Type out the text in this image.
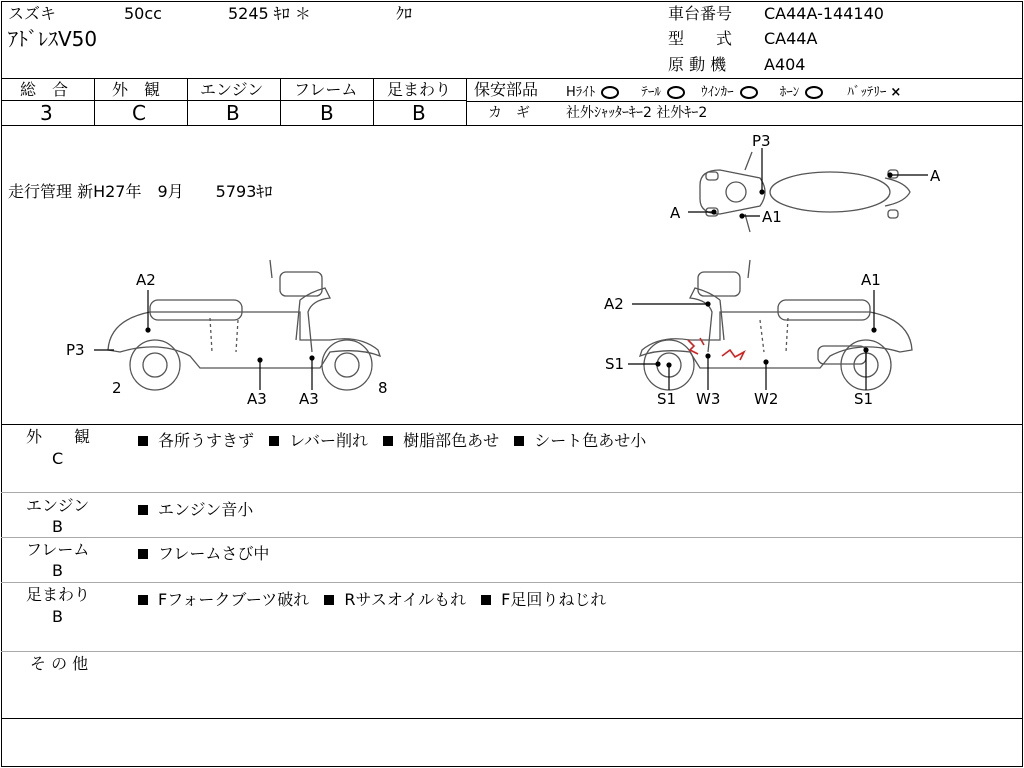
スズキ	50cc	5245 ｷﾛ ＊	ｸﾛ
ｱﾄﾞﾚｽV50
車台番号 CA44A-144140
型　　式 CA44A
原 動 機 A404
総　合	外　観 エンジン フレーム 足まわり
3	C	B	B	B
保安部品 Hﾗｲﾄ	ﾃｰﾙ	ｳｲﾝｶｰ	ﾎｰﾝ	ﾊﾞｯﾃﾘｰ ×
カ　ギ	社外ｼｬｯﾀｰｷｰ2 社外ｷｰ2
走行管理 新H27年　9月　　5793ｷﾛ
P3
A
A	A1
A2
P3
2
A3 A3
8
A2
A1
S1
S1 W3 W2	S1
外　　観
C
各所うすきず レバー削れ 樹脂部色あせ シート色あせ小
エンジン
B
エンジン音小
フレーム
B
フレームさび中
足まわり
B
Fフォークブーツ破れ Rサスオイルもれ F足回りねじれ
そ の 他
